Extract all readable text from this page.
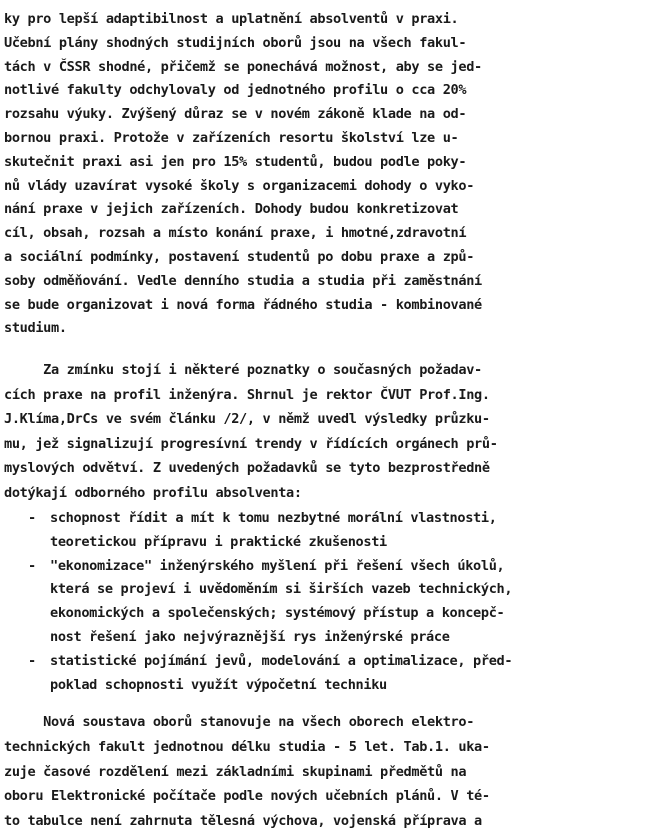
ky pro lepší adaptibilnost a uplatnění absolventů v praxi.
Učební plány shodných studijních oborů jsou na všech fakul-
tách v ČSSR shodné, přičemž se ponechává možnost, aby se jed-
notlivé fakulty odchylovaly od jednotného profilu o cca 20%
rozsahu výuky. Zvýšený důraz se v novém zákoně klade na od-
bornou praxi. Protože v zařízeních resortu školství lze u-
skutečnit praxi asi jen pro 15% studentů, budou podle poky-
nů vlády uzavírat vysoké školy s organizacemi dohody o vyko-
nání praxe v jejich zařízeních. Dohody budou konkretizovat
cíl, obsah, rozsah a místo konání praxe, i hmotné,zdravotní
a sociální podmínky, postavení studentů po dobu praxe a způ-
soby odměňování. Vedle denního studia a studia při zaměstnání
se bude organizovat i nová forma řádného studia - kombinované
studium.
Za zmínku stojí i některé poznatky o současných požadav-
cích praxe na profil inženýra. Shrnul je rektor ČVUT Prof.Ing.
J.Klíma,DrCs ve svém článku /2/, v němž uvedl výsledky průzku-
mu, jež signalizují progresívní trendy v řídících orgánech prů-
myslových odvětví. Z uvedených požadavků se tyto bezprostředně
dotýkají odborného profilu absolventa:
- schopnost řídit a mít k tomu nezbytné morální vlastnosti,
teoretickou přípravu i praktické zkušenosti
- "ekonomizace" inženýrského myšlení při řešení všech úkolů,
která se projeví i uvědoměním si širších vazeb technických,
ekonomických a společenských; systémový přístup a koncepč-
nost řešení jako nejvýraznější rys inženýrské práce
- statistické pojímání jevů, modelování a optimalizace, před-
poklad schopnosti využít výpočetní techniku
Nová soustava oborů stanovuje na všech oborech elektro-
technických fakult jednotnou délku studia - 5 let. Tab.1. uka-
zuje časové rozdělení mezi základními skupinami předmětů na
oboru Elektronické počítače podle nových učebních plánů. V té-
to tabulce není zahrnuta tělesná výchova, vojenská příprava a
